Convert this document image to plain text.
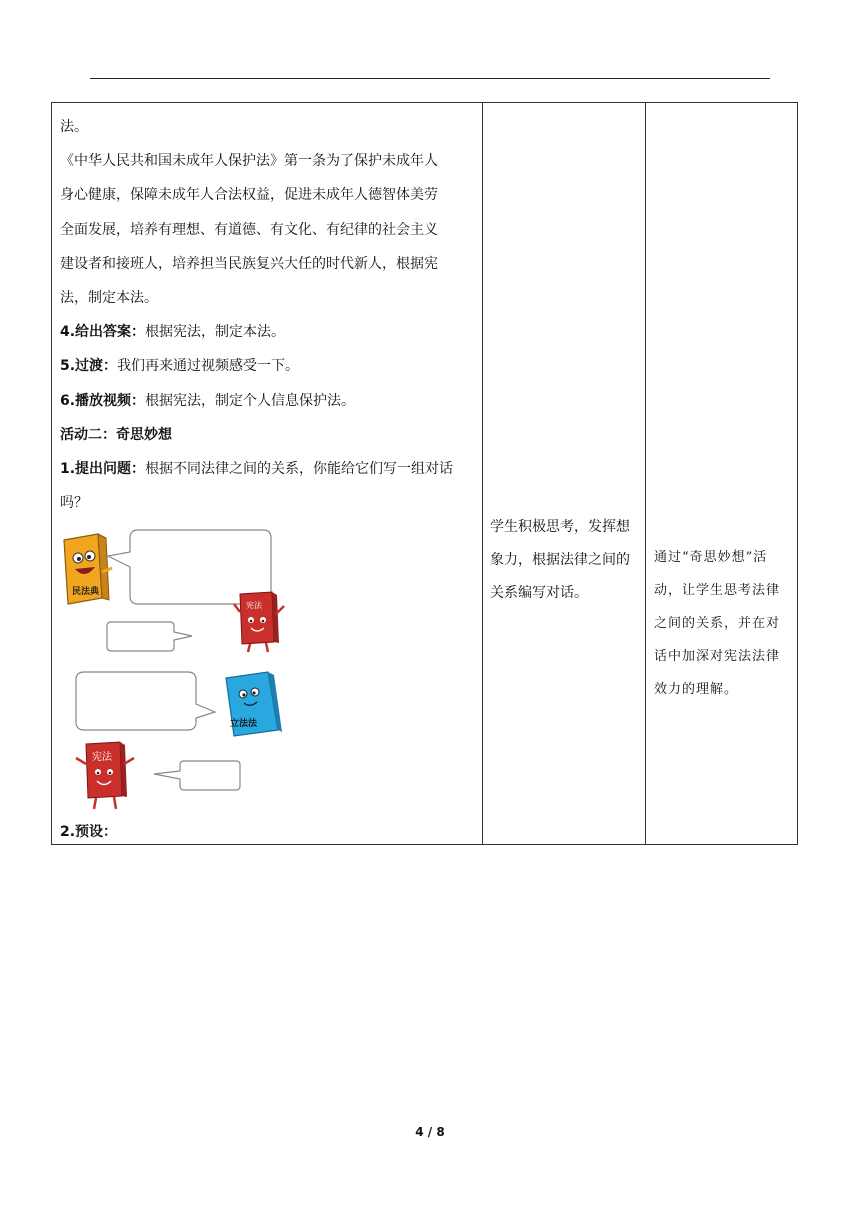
法。

《中华人民共和国未成年人保护法》第一条为了保护未成年人

身心健康，保障未成年人合法权益，促进未成年人德智体美劳

全面发展，培养有理想、有道德、有文化、有纪律的社会主义

建设者和接班人，培养担当民族复兴大任的时代新人，根据宪

法，制定本法。

4.给出答案：根据宪法，制定本法。

5.过渡：我们再来通过视频感受一下。

6.播放视频：根据宪法，制定个人信息保护法。

活动二：奇思妙想

1.提出问题：根据不同法律之间的关系，你能给它们写一组对话

吗？

民法典
宪法
立法法
宪法

2.预设：

学生积极思考，发挥想象力，根据法律之间的关系编写对话。
通过“奇思妙想”活动，让学生思考法律之间的关系，并在对话中加深对宪法法律效力的理解。
4 / 8
